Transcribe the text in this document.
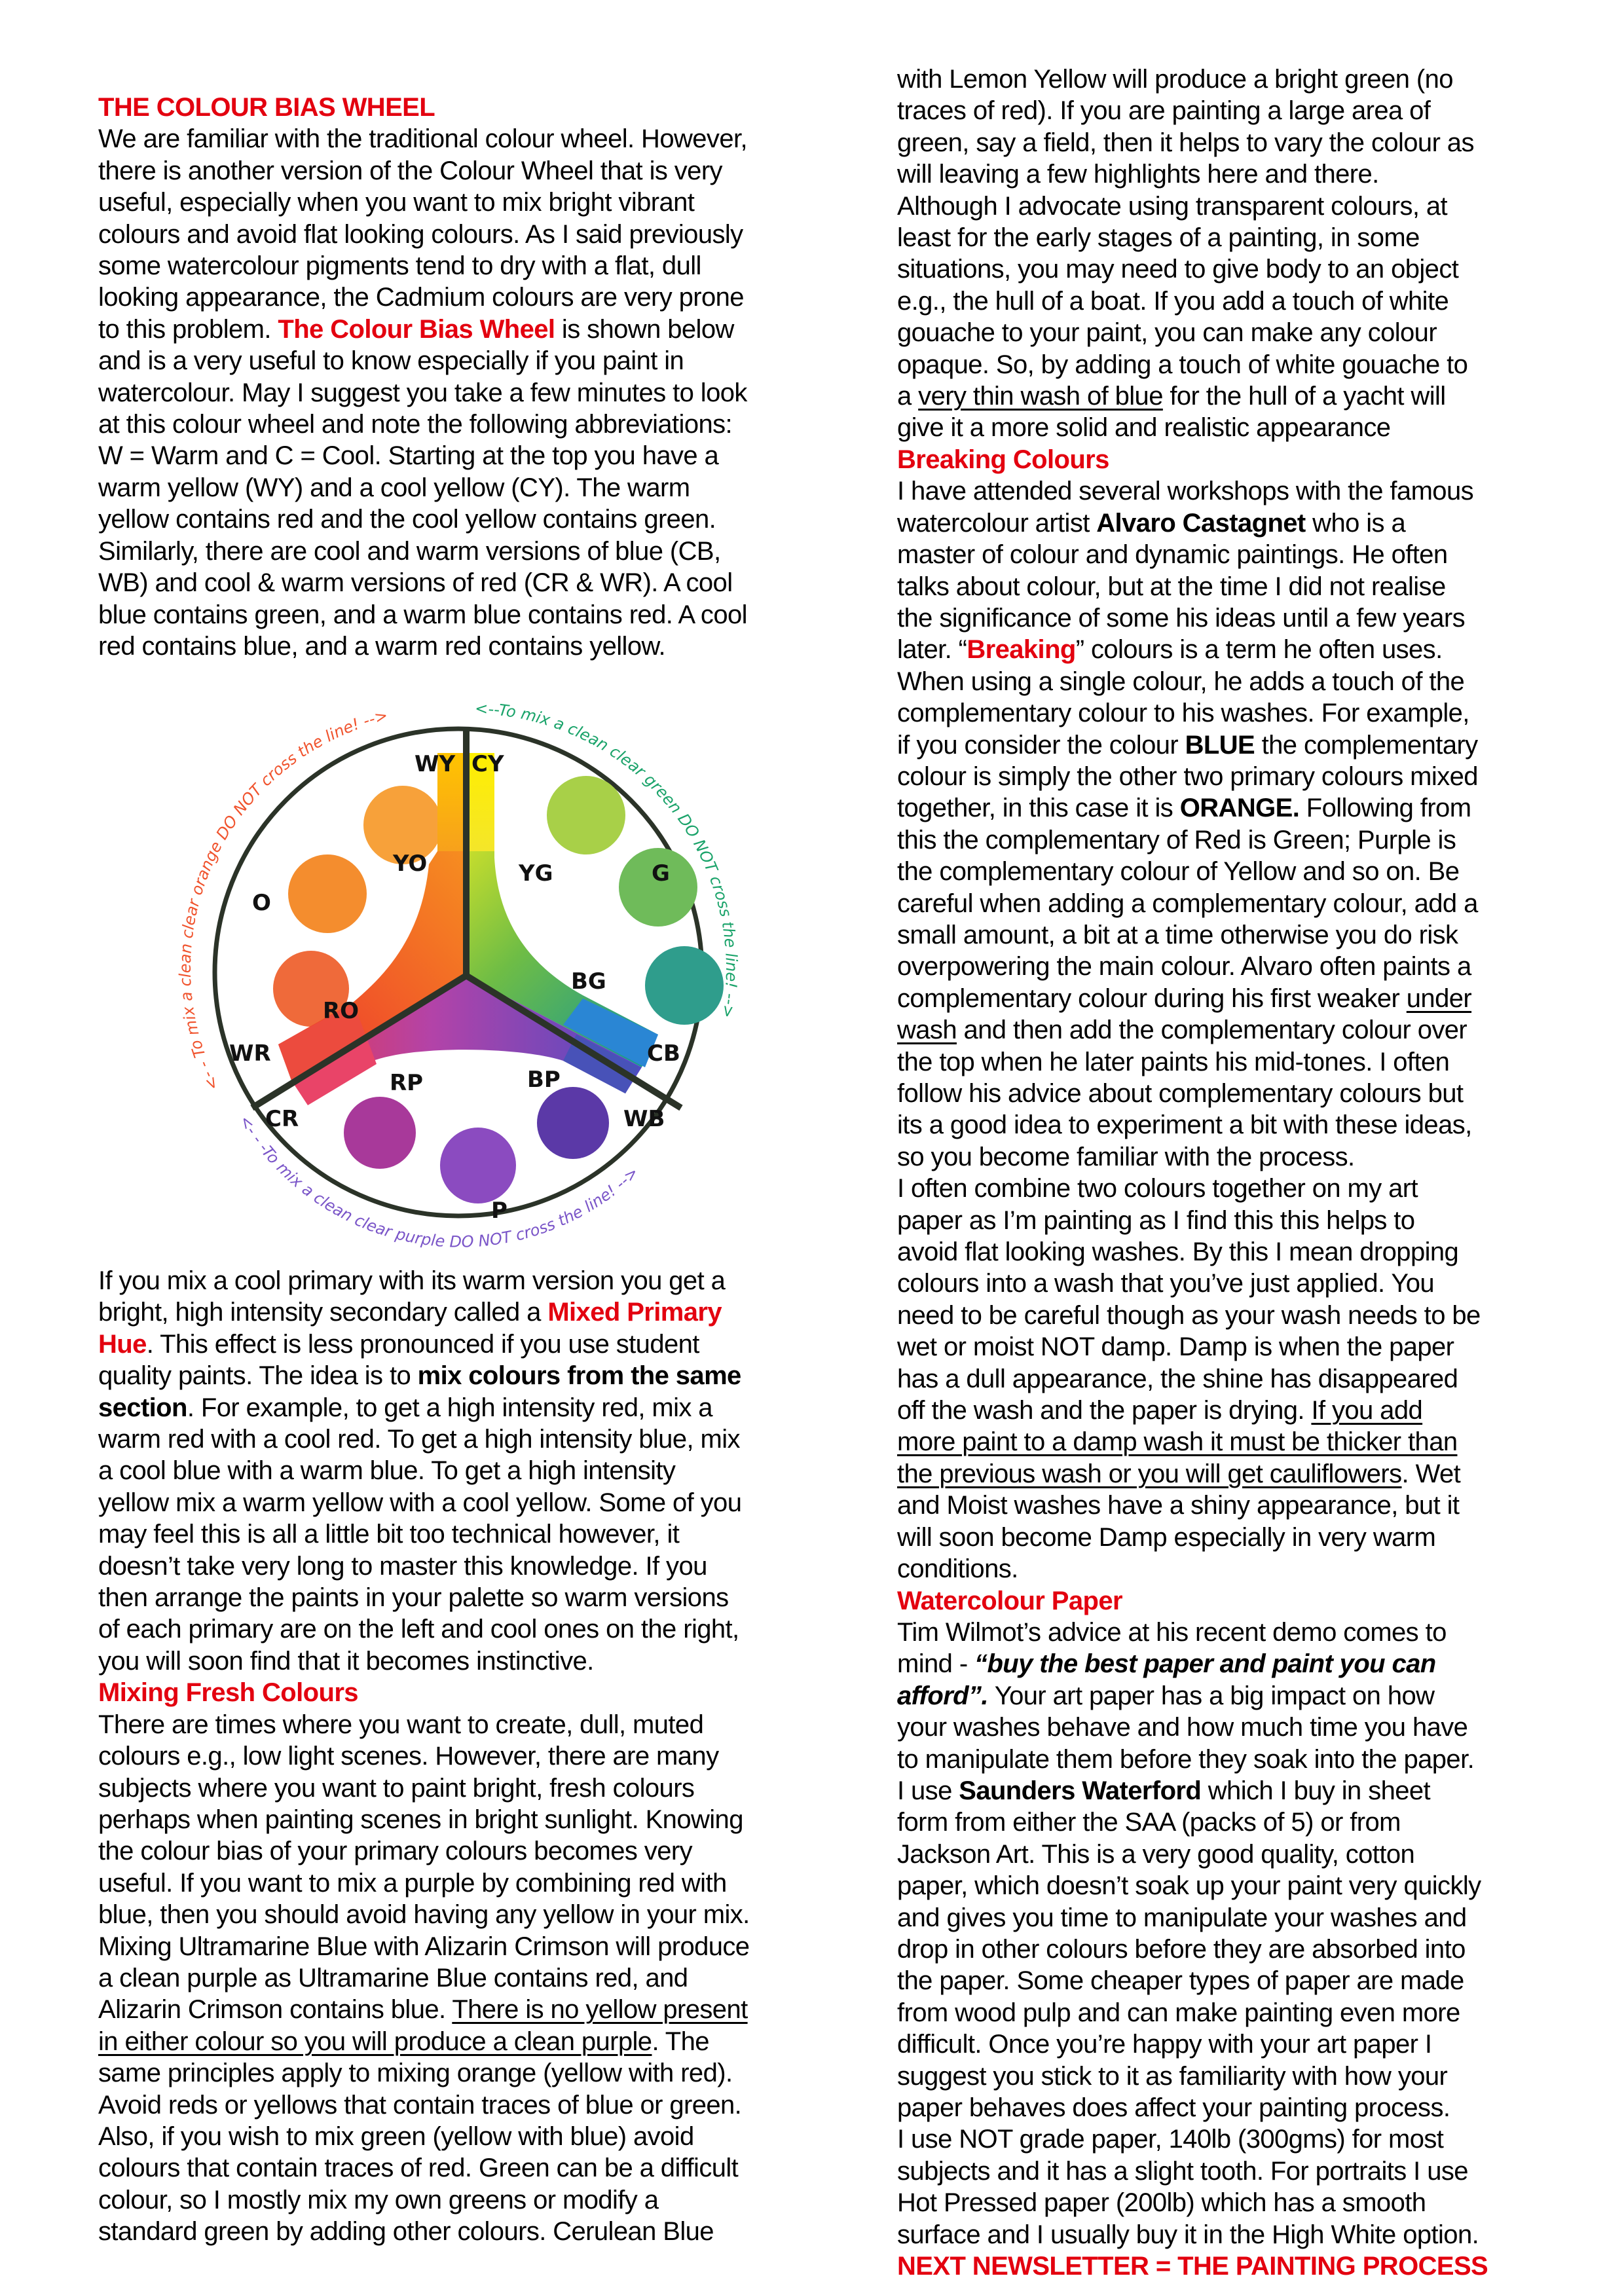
THE COLOUR BIAS WHEEL
We are familiar with the traditional colour wheel. However,
there is another version of the Colour Wheel that is very
useful, especially when you want to mix bright vibrant
colours and avoid flat looking colours. As I said previously
some watercolour pigments tend to dry with a flat, dull
looking appearance, the Cadmium colours are very prone
to this problem. The Colour Bias Wheel is shown below
and is a very useful to know especially if you paint in
watercolour. May I suggest you take a few minutes to look
at this colour wheel and note the following abbreviations:
W = Warm and C = Cool. Starting at the top you have a
warm yellow (WY) and a cool yellow (CY). The warm
yellow contains red and the cool yellow contains green.
Similarly, there are cool and warm versions of blue (CB,
WB) and cool & warm versions of red (CR & WR). A cool
blue contains green, and a warm blue contains red. A cool
red contains blue, and a warm red contains yellow.
WY CY
YO	YG
O
G
RO
BG
WR	CB
CR	WB
RP	BP
P
<- - To mix a clean clear orange DO NOT cross the line! -->	<--To mix a clean clear green DO NOT cross the line! -->
<- - -To mix a clean clear purple DO NOT cross the line! -->
If you mix a cool primary with its warm version you get a
bright, high intensity secondary called a Mixed Primary
Hue. This effect is less pronounced if you use student
quality paints. The idea is to mix colours from the same
section. For example, to get a high intensity red, mix a
warm red with a cool red. To get a high intensity blue, mix
a cool blue with a warm blue. To get a high intensity
yellow mix a warm yellow with a cool yellow. Some of you
may feel this is all a little bit too technical however, it
doesn’t take very long to master this knowledge. If you
then arrange the paints in your palette so warm versions
of each primary are on the left and cool ones on the right,
you will soon find that it becomes instinctive.
Mixing Fresh Colours
There are times where you want to create, dull, muted
colours e.g., low light scenes. However, there are many
subjects where you want to paint bright, fresh colours
perhaps when painting scenes in bright sunlight. Knowing
the colour bias of your primary colours becomes very
useful. If you want to mix a purple by combining red with
blue, then you should avoid having any yellow in your mix.
Mixing Ultramarine Blue with Alizarin Crimson will produce
a clean purple as Ultramarine Blue contains red, and
Alizarin Crimson contains blue. There is no yellow present
in either colour so you will produce a clean purple. The
same principles apply to mixing orange (yellow with red).
Avoid reds or yellows that contain traces of blue or green.
Also, if you wish to mix green (yellow with blue) avoid
colours that contain traces of red. Green can be a difficult
colour, so I mostly mix my own greens or modify a
standard green by adding other colours. Cerulean Blue
with Lemon Yellow will produce a bright green (no
traces of red). If you are painting a large area of
green, say a field, then it helps to vary the colour as
will leaving a few highlights here and there.
Although I advocate using transparent colours, at
least for the early stages of a painting, in some
situations, you may need to give body to an object
e.g., the hull of a boat. If you add a touch of white
gouache to your paint, you can make any colour
opaque. So, by adding a touch of white gouache to
a very thin wash of blue for the hull of a yacht will
give it a more solid and realistic appearance
Breaking Colours
I have attended several workshops with the famous
watercolour artist Alvaro Castagnet who is a
master of colour and dynamic paintings. He often
talks about colour, but at the time I did not realise
the significance of some his ideas until a few years
later. “Breaking” colours is a term he often uses.
When using a single colour, he adds a touch of the
complementary colour to his washes. For example,
if you consider the colour BLUE the complementary
colour is simply the other two primary colours mixed
together, in this case it is ORANGE. Following from
this the complementary of Red is Green; Purple is
the complementary colour of Yellow and so on. Be
careful when adding a complementary colour, add a
small amount, a bit at a time otherwise you do risk
overpowering the main colour. Alvaro often paints a
complementary colour during his first weaker under
wash and then add the complementary colour over
the top when he later paints his mid-tones. I often
follow his advice about complementary colours but
its a good idea to experiment a bit with these ideas,
so you become familiar with the process.
I often combine two colours together on my art
paper as I’m painting as I find this this helps to
avoid flat looking washes. By this I mean dropping
colours into a wash that you’ve just applied. You
need to be careful though as your wash needs to be
wet or moist NOT damp. Damp is when the paper
has a dull appearance, the shine has disappeared
off the wash and the paper is drying. If you add
more paint to a damp wash it must be thicker than
the previous wash or you will get cauliflowers. Wet
and Moist washes have a shiny appearance, but it
will soon become Damp especially in very warm
conditions.
Watercolour Paper
Tim Wilmot’s advice at his recent demo comes to
mind - “buy the best paper and paint you can
afford”. Your art paper has a big impact on how
your washes behave and how much time you have
to manipulate them before they soak into the paper.
I use Saunders Waterford which I buy in sheet
form from either the SAA (packs of 5) or from
Jackson Art. This is a very good quality, cotton
paper, which doesn’t soak up your paint very quickly
and gives you time to manipulate your washes and
drop in other colours before they are absorbed into
the paper. Some cheaper types of paper are made
from wood pulp and can make painting even more
difficult. Once you’re happy with your art paper I
suggest you stick to it as familiarity with how your
paper behaves does affect your painting process.
I use NOT grade paper, 140lb (300gms) for most
subjects and it has a slight tooth. For portraits I use
Hot Pressed paper (200lb) which has a smooth
surface and I usually buy it in the High White option.
NEXT NEWSLETTER = THE PAINTING PROCESS
